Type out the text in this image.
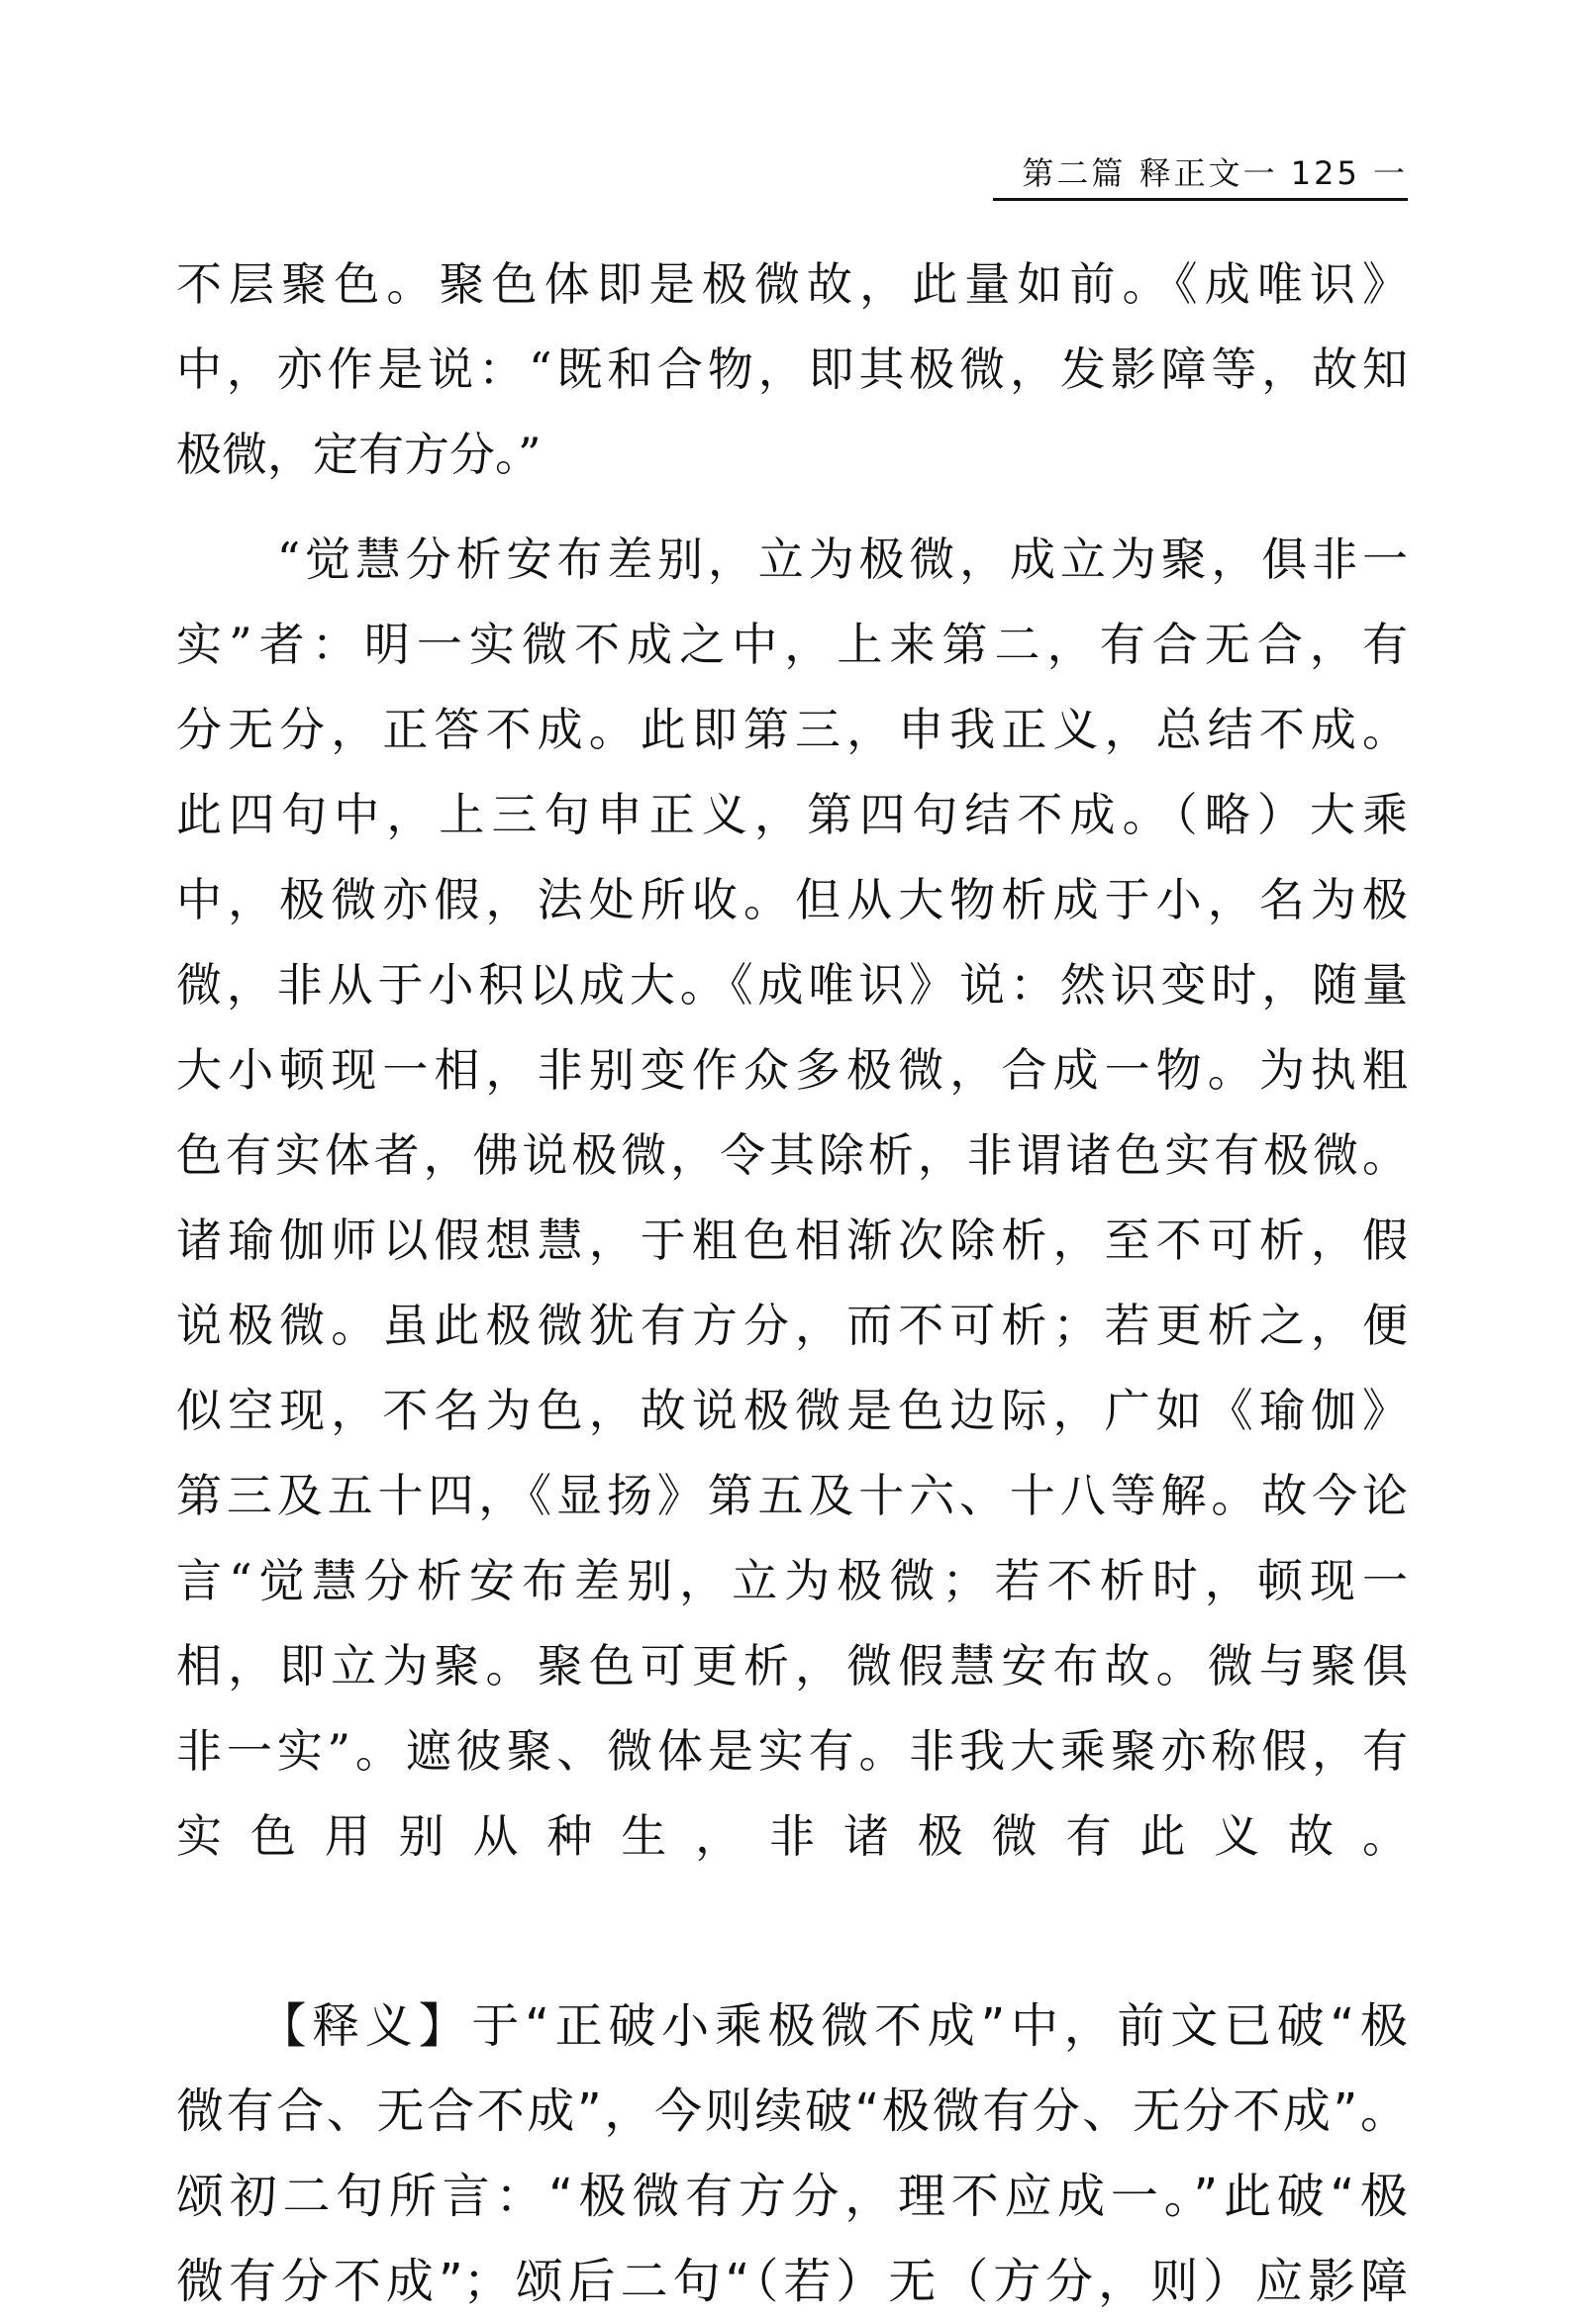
第二篇 释正文一 125 一
不层聚色。聚色体即是极微故，此量如前。《成唯识》
中，亦作是说：“既和合物，即其极微，发影障等，故知
极微，定有方分。”
　　“觉慧分析安布差别，立为极微，成立为聚，俱非一
实”者：明一实微不成之中，上来第二，有合无合，有
分无分，正答不成。此即第三，申我正义，总结不成。
此四句中，上三句申正义，第四句结不成。（略）大乘
中，极微亦假，法处所收。但从大物析成于小，名为极
微，非从于小积以成大。《成唯识》说：然识变时，随量
大小顿现一相，非别变作众多极微，合成一物。为执粗
色有实体者，佛说极微，令其除析，非谓诸色实有极微。
诸瑜伽师以假想慧，于粗色相渐次除析，至不可析，假
说极微。虽此极微犹有方分，而不可析；若更析之，便
似空现，不名为色，故说极微是色边际，广如《瑜伽》
第三及五十四，《显扬》第五及十六、十八等解。故今论
言“觉慧分析安布差别，立为极微；若不析时，顿现一
相，即立为聚。聚色可更析，微假慧安布故。微与聚俱
非一实”。遮彼聚、微体是实有。非我大乘聚亦称假，有
实色用别从种生，非诸极微有此义故。
　　【释义】于“正破小乘极微不成”中，前文已破“极
微有合、无合不成”，今则续破“极微有分、无分不成”。
颂初二句所言：“极微有方分，理不应成一。”此破“极
微有分不成”；颂后二句“（若）无（方分，则）应影障
